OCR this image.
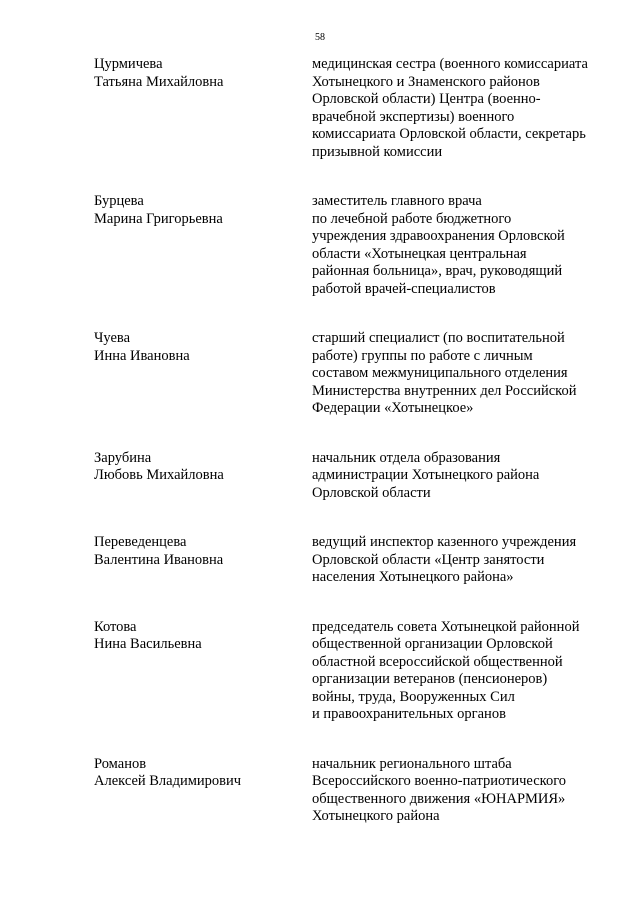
58

Цурмичева
Татьяна Михайловна
медицинская сестра (военного комиссариата
Хотынецкого и Знаменского районов
Орловской области) Центра (военно-
врачебной экспертизы) военного
комиссариата Орловской области, секретарь
призывной комиссии
Бурцева
Марина Григорьевна
заместитель главного врача
по лечебной работе бюджетного
учреждения здравоохранения Орловской
области «Хотынецкая центральная
районная больница», врач, руководящий
работой врачей-специалистов
Чуева
Инна Ивановна
старший специалист (по воспитательной
работе) группы по работе с личным
составом межмуниципального отделения
Министерства внутренних дел Российской
Федерации «Хотынецкое»
Зарубина
Любовь Михайловна
начальник отдела образования
администрации Хотынецкого района
Орловской области
Переведенцева
Валентина Ивановна
ведущий инспектор казенного учреждения
Орловской области «Центр занятости
населения Хотынецкого района»
Котова
Нина Васильевна
председатель совета Хотынецкой районной
общественной организации Орловской
областной всероссийской общественной
организации ветеранов (пенсионеров)
войны, труда, Вооруженных Сил
и правоохранительных органов
Романов
Алексей Владимирович
начальник регионального штаба
Всероссийского военно-патриотического
общественного движения «ЮНАРМИЯ»
Хотынецкого района
